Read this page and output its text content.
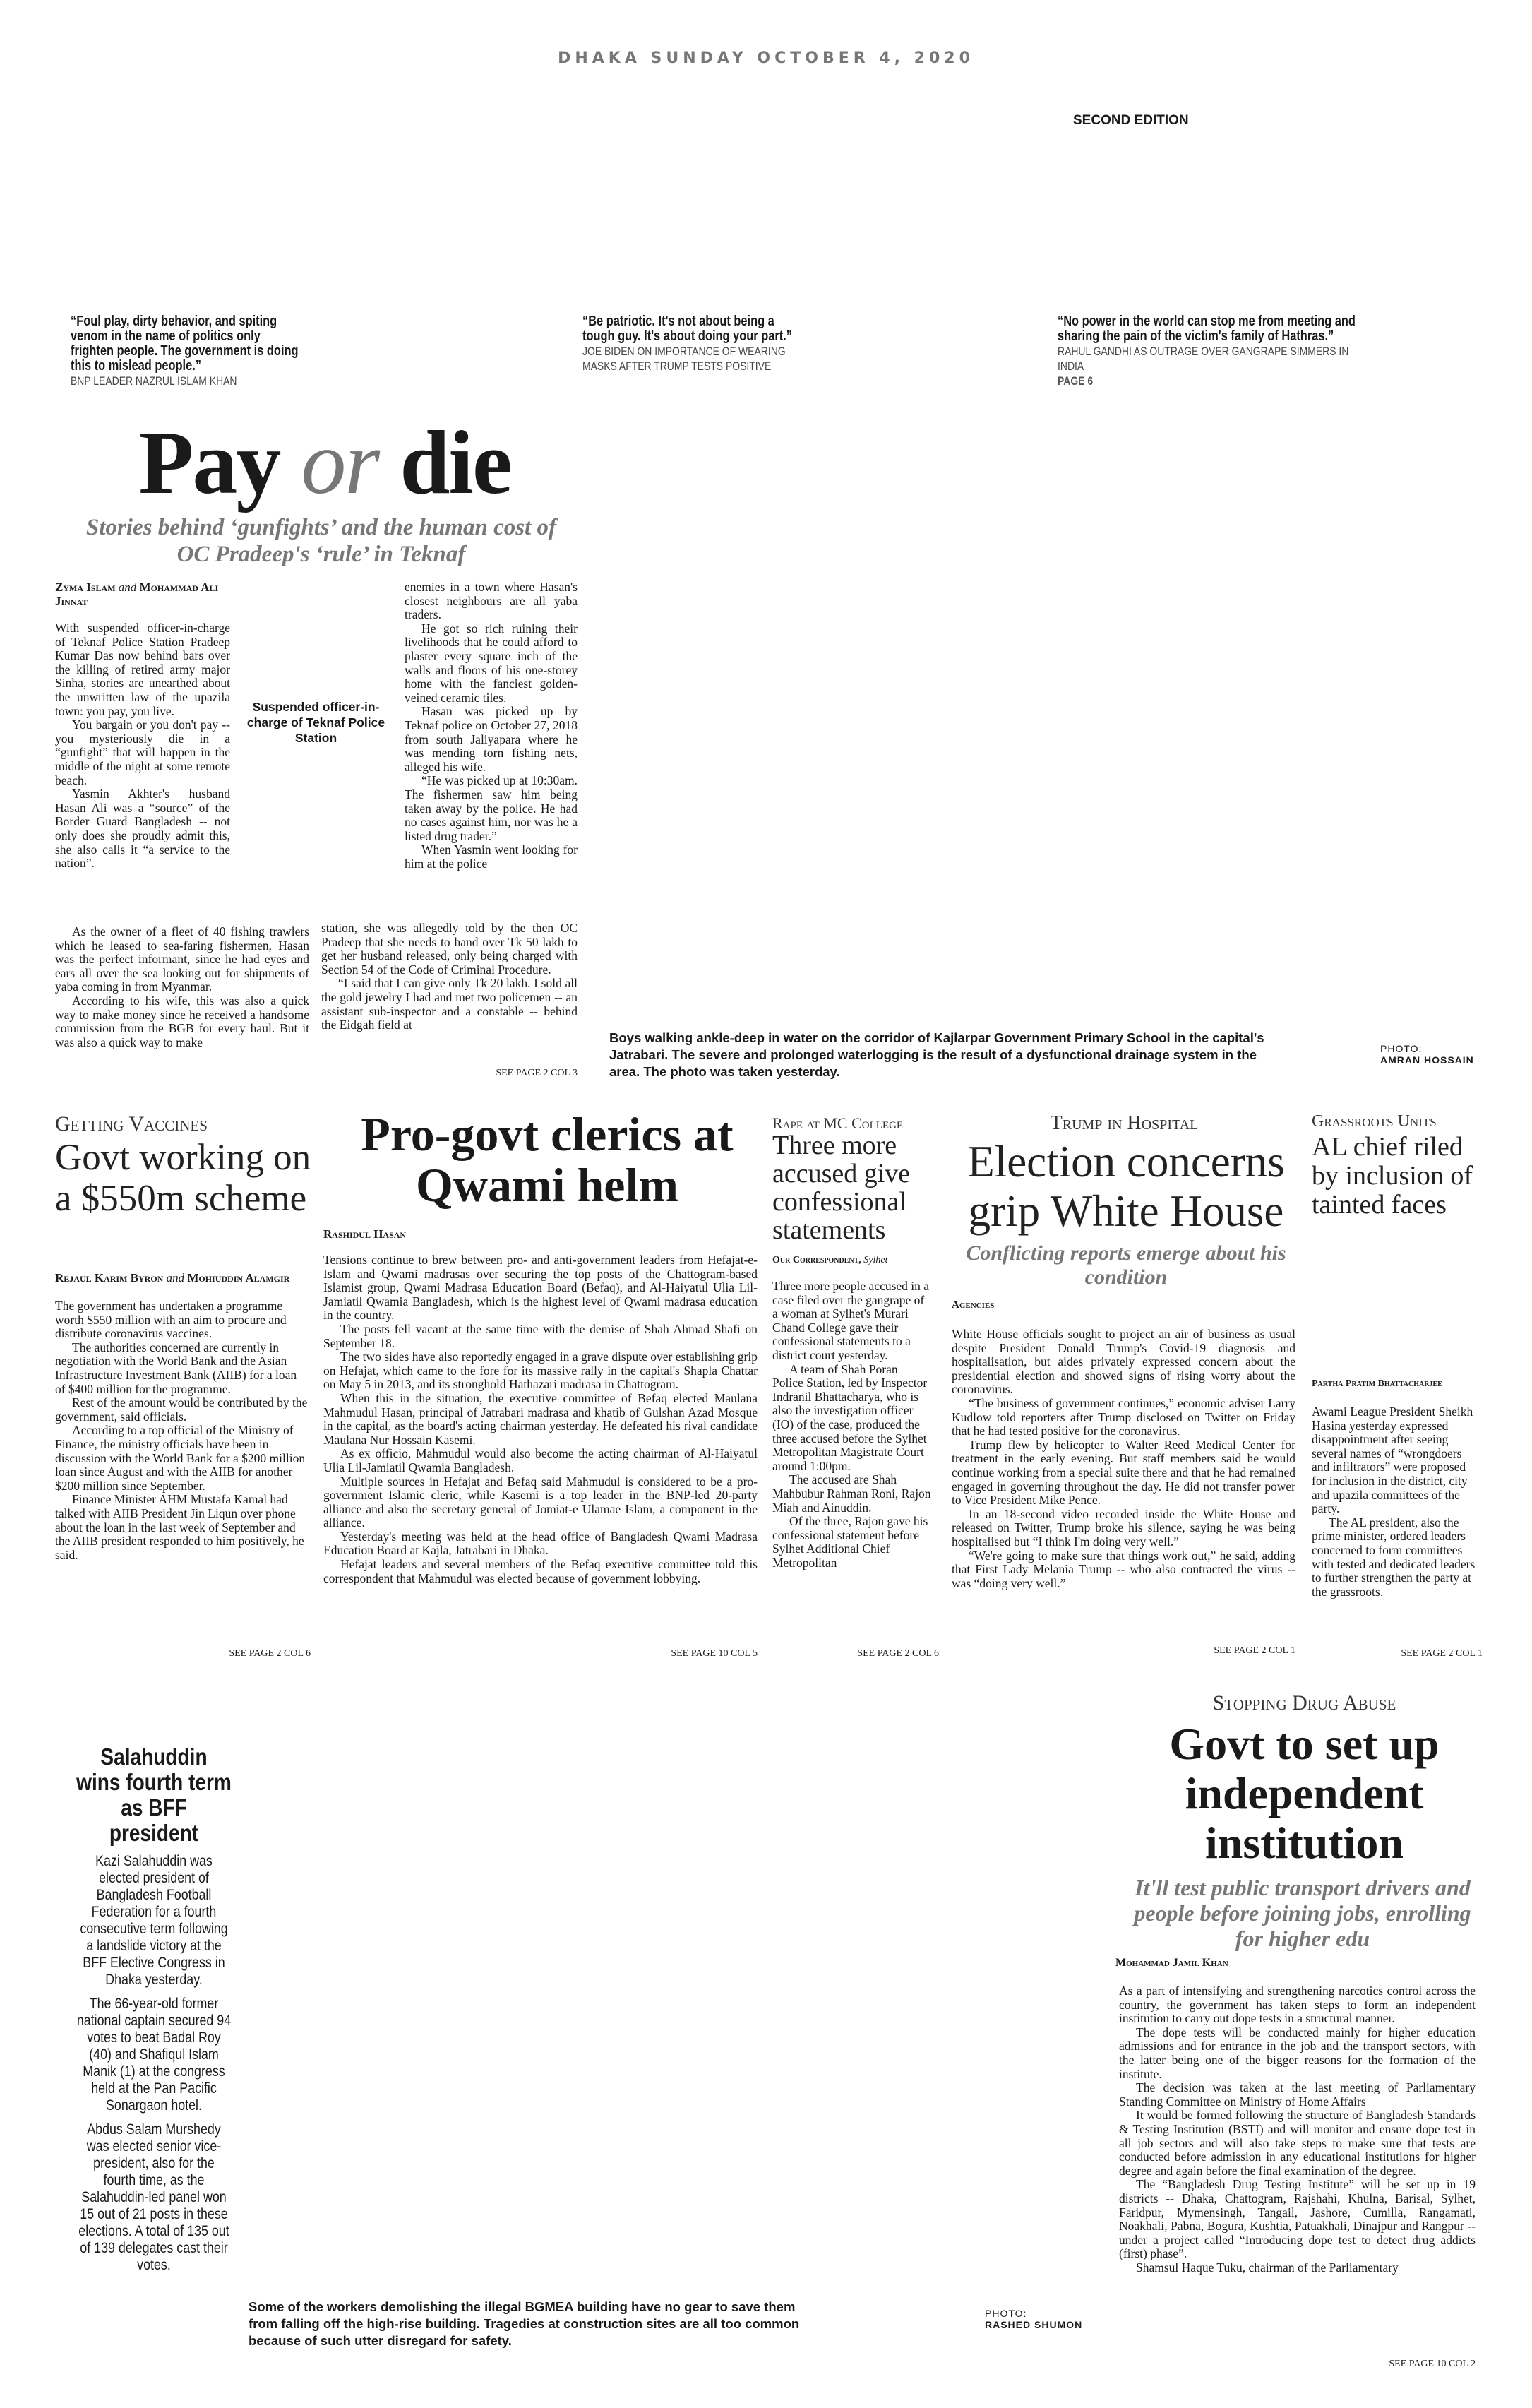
DHAKA SUNDAY OCTOBER 4, 2020
SECOND EDITION
“Foul play, dirty behavior, and spiting venom in the name of politics only frighten people. The government is doing this to mislead people.”
BNP LEADER NAZRUL ISLAM KHAN
“Be patriotic. It's not about being a tough guy. It's about doing your part.”
JOE BIDEN ON IMPORTANCE OF WEARING MASKS AFTER TRUMP TESTS POSITIVE
“No power in the world can stop me from meeting and sharing the pain of the victim's family of Hathras.”
RAHUL GANDHI AS OUTRAGE OVER GANGRAPE SIMMERS IN INDIA
PAGE 6
Pay or die
Stories behind ‘gunfights’ and the human cost of OC Pradeep's ‘rule’ in Teknaf
Zyma Islam and Mohammad Ali Jinnat

With suspended officer-in-charge of Teknaf Police Station Pradeep Kumar Das now behind bars over the killing of retired army major Sinha, stories are unearthed about the unwritten law of the upazila town: you pay, you live.

You bargain or you don't pay -- you mysteriously die in a “gunfight” that will happen in the middle of the night at some remote beach.

Yasmin Akhter's husband Hasan Ali was a “source” of the Border Guard Bangladesh -- not only does she proudly admit this, she also calls it “a service to the nation”.

As the owner of a fleet of 40 fishing trawlers which he leased to sea-faring fishermen, Hasan was the perfect informant, since he had eyes and ears all over the sea looking out for shipments of yaba coming in from Myanmar.

According to his wife, this was also a quick way to make money since he received a handsome commission from the BGB for every haul. But it was also a quick way to make

Suspended officer-in-charge of Teknaf Police Station

enemies in a town where Hasan's closest neighbours are all yaba traders.

He got so rich ruining their livelihoods that he could afford to plaster every square inch of the walls and floors of his one-storey home with the fanciest golden-veined ceramic tiles.

Hasan was picked up by Teknaf police on October 27, 2018 from south Jaliyapara where he was mending torn fishing nets, alleged his wife.

“He was picked up at 10:30am. The fishermen saw him being taken away by the police. He had no cases against him, nor was he a listed drug trader.”

When Yasmin went looking for him at the police

station, she was allegedly told by the then OC Pradeep that she needs to hand over Tk 50 lakh to get her husband released, only being charged with Section 54 of the Code of Criminal Procedure.

“I said that I can give only Tk 20 lakh. I sold all the gold jewelry I had and met two policemen -- an assistant sub-inspector and a constable -- behind the Eidgah field at

SEE PAGE 2 COL 3
Boys walking ankle-deep in water on the corridor of Kajlarpar Government Primary School in the capital's Jatrabari. The severe and prolonged waterlogging is the result of a dysfunctional drainage system in the area. The photo was taken yesterday.
PHOTO:
AMRAN HOSSAIN
Getting Vaccines
Govt working on a $550m scheme
Rejaul Karim Byron and Mohiuddin Alamgir

The government has undertaken a programme worth $550 million with an aim to procure and distribute coronavirus vaccines.

The authorities concerned are currently in negotiation with the World Bank and the Asian Infrastructure Investment Bank (AIIB) for a loan of $400 million for the programme.

Rest of the amount would be contributed by the government, said officials.

According to a top official of the Ministry of Finance, the ministry officials have been in discussion with the World Bank for a $200 million loan since August and with the AIIB for another $200 million since September.

Finance Minister AHM Mustafa Kamal had talked with AIIB President Jin Liqun over phone about the loan in the last week of September and the AIIB president responded to him positively, he said.

SEE PAGE 2 COL 6
Pro-govt clerics at Qwami helm
Rashidul Hasan

Tensions continue to brew between pro- and anti-government leaders from Hefajat-e-Islam and Qwami madrasas over securing the top posts of the Chattogram-based Islamist group, Qwami Madrasa Education Board (Befaq), and Al-Haiyatul Ulia Lil-Jamiatil Qwamia Bangladesh, which is the highest level of Qwami madrasa education in the country.

The posts fell vacant at the same time with the demise of Shah Ahmad Shafi on September 18.

The two sides have also reportedly engaged in a grave dispute over establishing grip on Hefajat, which came to the fore for its massive rally in the capital's Shapla Chattar on May 5 in 2013, and its stronghold Hathazari madrasa in Chattogram.

When this in the situation, the executive committee of Befaq elected Maulana Mahmudul Hasan, principal of Jatrabari madrasa and khatib of Gulshan Azad Mosque in the capital, as the board's acting chairman yesterday. He defeated his rival candidate Maulana Nur Hossain Kasemi.

As ex officio, Mahmudul would also become the acting chairman of Al-Haiyatul Ulia Lil-Jamiatil Qwamia Bangladesh.

Multiple sources in Hefajat and Befaq said Mahmudul is considered to be a pro-government Islamic cleric, while Kasemi is a top leader in the BNP-led 20-party alliance and also the secretary general of Jomiat-e Ulamae Islam, a component in the alliance.

Yesterday's meeting was held at the head office of Bangladesh Qwami Madrasa Education Board at Kajla, Jatrabari in Dhaka.

Hefajat leaders and several members of the Befaq executive committee told this correspondent that Mahmudul was elected because of government lobbying.

SEE PAGE 10 COL 5
Rape at MC College
Three more accused give confessional statements
Our Correspondent, Sylhet

Three more people accused in a case filed over the gangrape of a woman at Sylhet's Murari Chand College gave their confessional statements to a district court yesterday.

A team of Shah Poran Police Station, led by Inspector Indranil Bhattacharya, who is also the investigation officer (IO) of the case, produced the three accused before the Sylhet Metropolitan Magistrate Court around 1:00pm.

The accused are Shah Mahbubur Rahman Roni, Rajon Miah and Ainuddin.

Of the three, Rajon gave his confessional statement before Sylhet Additional Chief Metropolitan

SEE PAGE 2 COL 6
Trump in Hospital
Election concerns grip White House
Conflicting reports emerge about his condition
Agencies

White House officials sought to project an air of business as usual despite President Donald Trump's Covid-19 diagnosis and hospitalisation, but aides privately expressed concern about the presidential election and showed signs of rising worry about the coronavirus.

“The business of government continues,” economic adviser Larry Kudlow told reporters after Trump disclosed on Twitter on Friday that he had tested positive for the coronavirus.

Trump flew by helicopter to Walter Reed Medical Center for treatment in the early evening. But staff members said he would continue working from a special suite there and that he had remained engaged in governing throughout the day. He did not transfer power to Vice President Mike Pence.

In an 18-second video recorded inside the White House and released on Twitter, Trump broke his silence, saying he was being hospitalised but “I think I'm doing very well.”

“We're going to make sure that things work out,” he said, adding that First Lady Melania Trump -- who also contracted the virus -- was “doing very well.”

SEE PAGE 2 COL 1
Grassroots Units
AL chief riled by inclusion of tainted faces
Partha Pratim Bhattacharjee

Awami League President Sheikh Hasina yesterday expressed disappointment after seeing several names of “wrongdoers and infiltrators” were proposed for inclusion in the district, city and upazila committees of the party.

The AL president, also the prime minister, ordered leaders concerned to form committees with tested and dedicated leaders to further strengthen the party at the grassroots.

SEE PAGE 2 COL 1
Salahuddin wins fourth term as BFF president

Kazi Salahuddin was elected president of Bangladesh Football Federation for a fourth consecutive term following a landslide victory at the BFF Elective Congress in Dhaka yesterday.

The 66-year-old former national captain secured 94 votes to beat Badal Roy (40) and Shafiqul Islam Manik (1) at the congress held at the Pan Pacific Sonargaon hotel.

Abdus Salam Murshedy was elected senior vice-president, also for the fourth time, as the Salahuddin-led panel won 15 out of 21 posts in these elections. A total of 135 out of 139 delegates cast their votes.

Some of the workers demolishing the illegal BGMEA building have no gear to save them from falling off the high-rise building. Tragedies at construction sites are all too common because of such utter disregard for safety.
PHOTO:
RASHED SHUMON
Stopping Drug Abuse
Govt to set up independent institution
It'll test public transport drivers and people before joining jobs, enrolling for higher edu
Mohammad Jamil Khan

As a part of intensifying and strengthening narcotics control across the country, the government has taken steps to form an independent institution to carry out dope tests in a structural manner.

The dope tests will be conducted mainly for higher education admissions and for entrance in the job and the transport sectors, with the latter being one of the bigger reasons for the formation of the institute.

The decision was taken at the last meeting of Parliamentary Standing Committee on Ministry of Home Affairs

It would be formed following the structure of Bangladesh Standards & Testing Institution (BSTI) and will monitor and ensure dope test in all job sectors and will also take steps to make sure that tests are conducted before admission in any educational institutions for higher degree and again before the final examination of the degree.

The “Bangladesh Drug Testing Institute” will be set up in 19 districts -- Dhaka, Chattogram, Rajshahi, Khulna, Barisal, Sylhet, Faridpur, Mymensingh, Tangail, Jashore, Cumilla, Rangamati, Noakhali, Pabna, Bogura, Kushtia, Patuakhali, Dinajpur and Rangpur -- under a project called “Introducing dope test to detect drug addicts (first) phase”.

Shamsul Haque Tuku, chairman of the Parliamentary

SEE PAGE 10 COL 2
